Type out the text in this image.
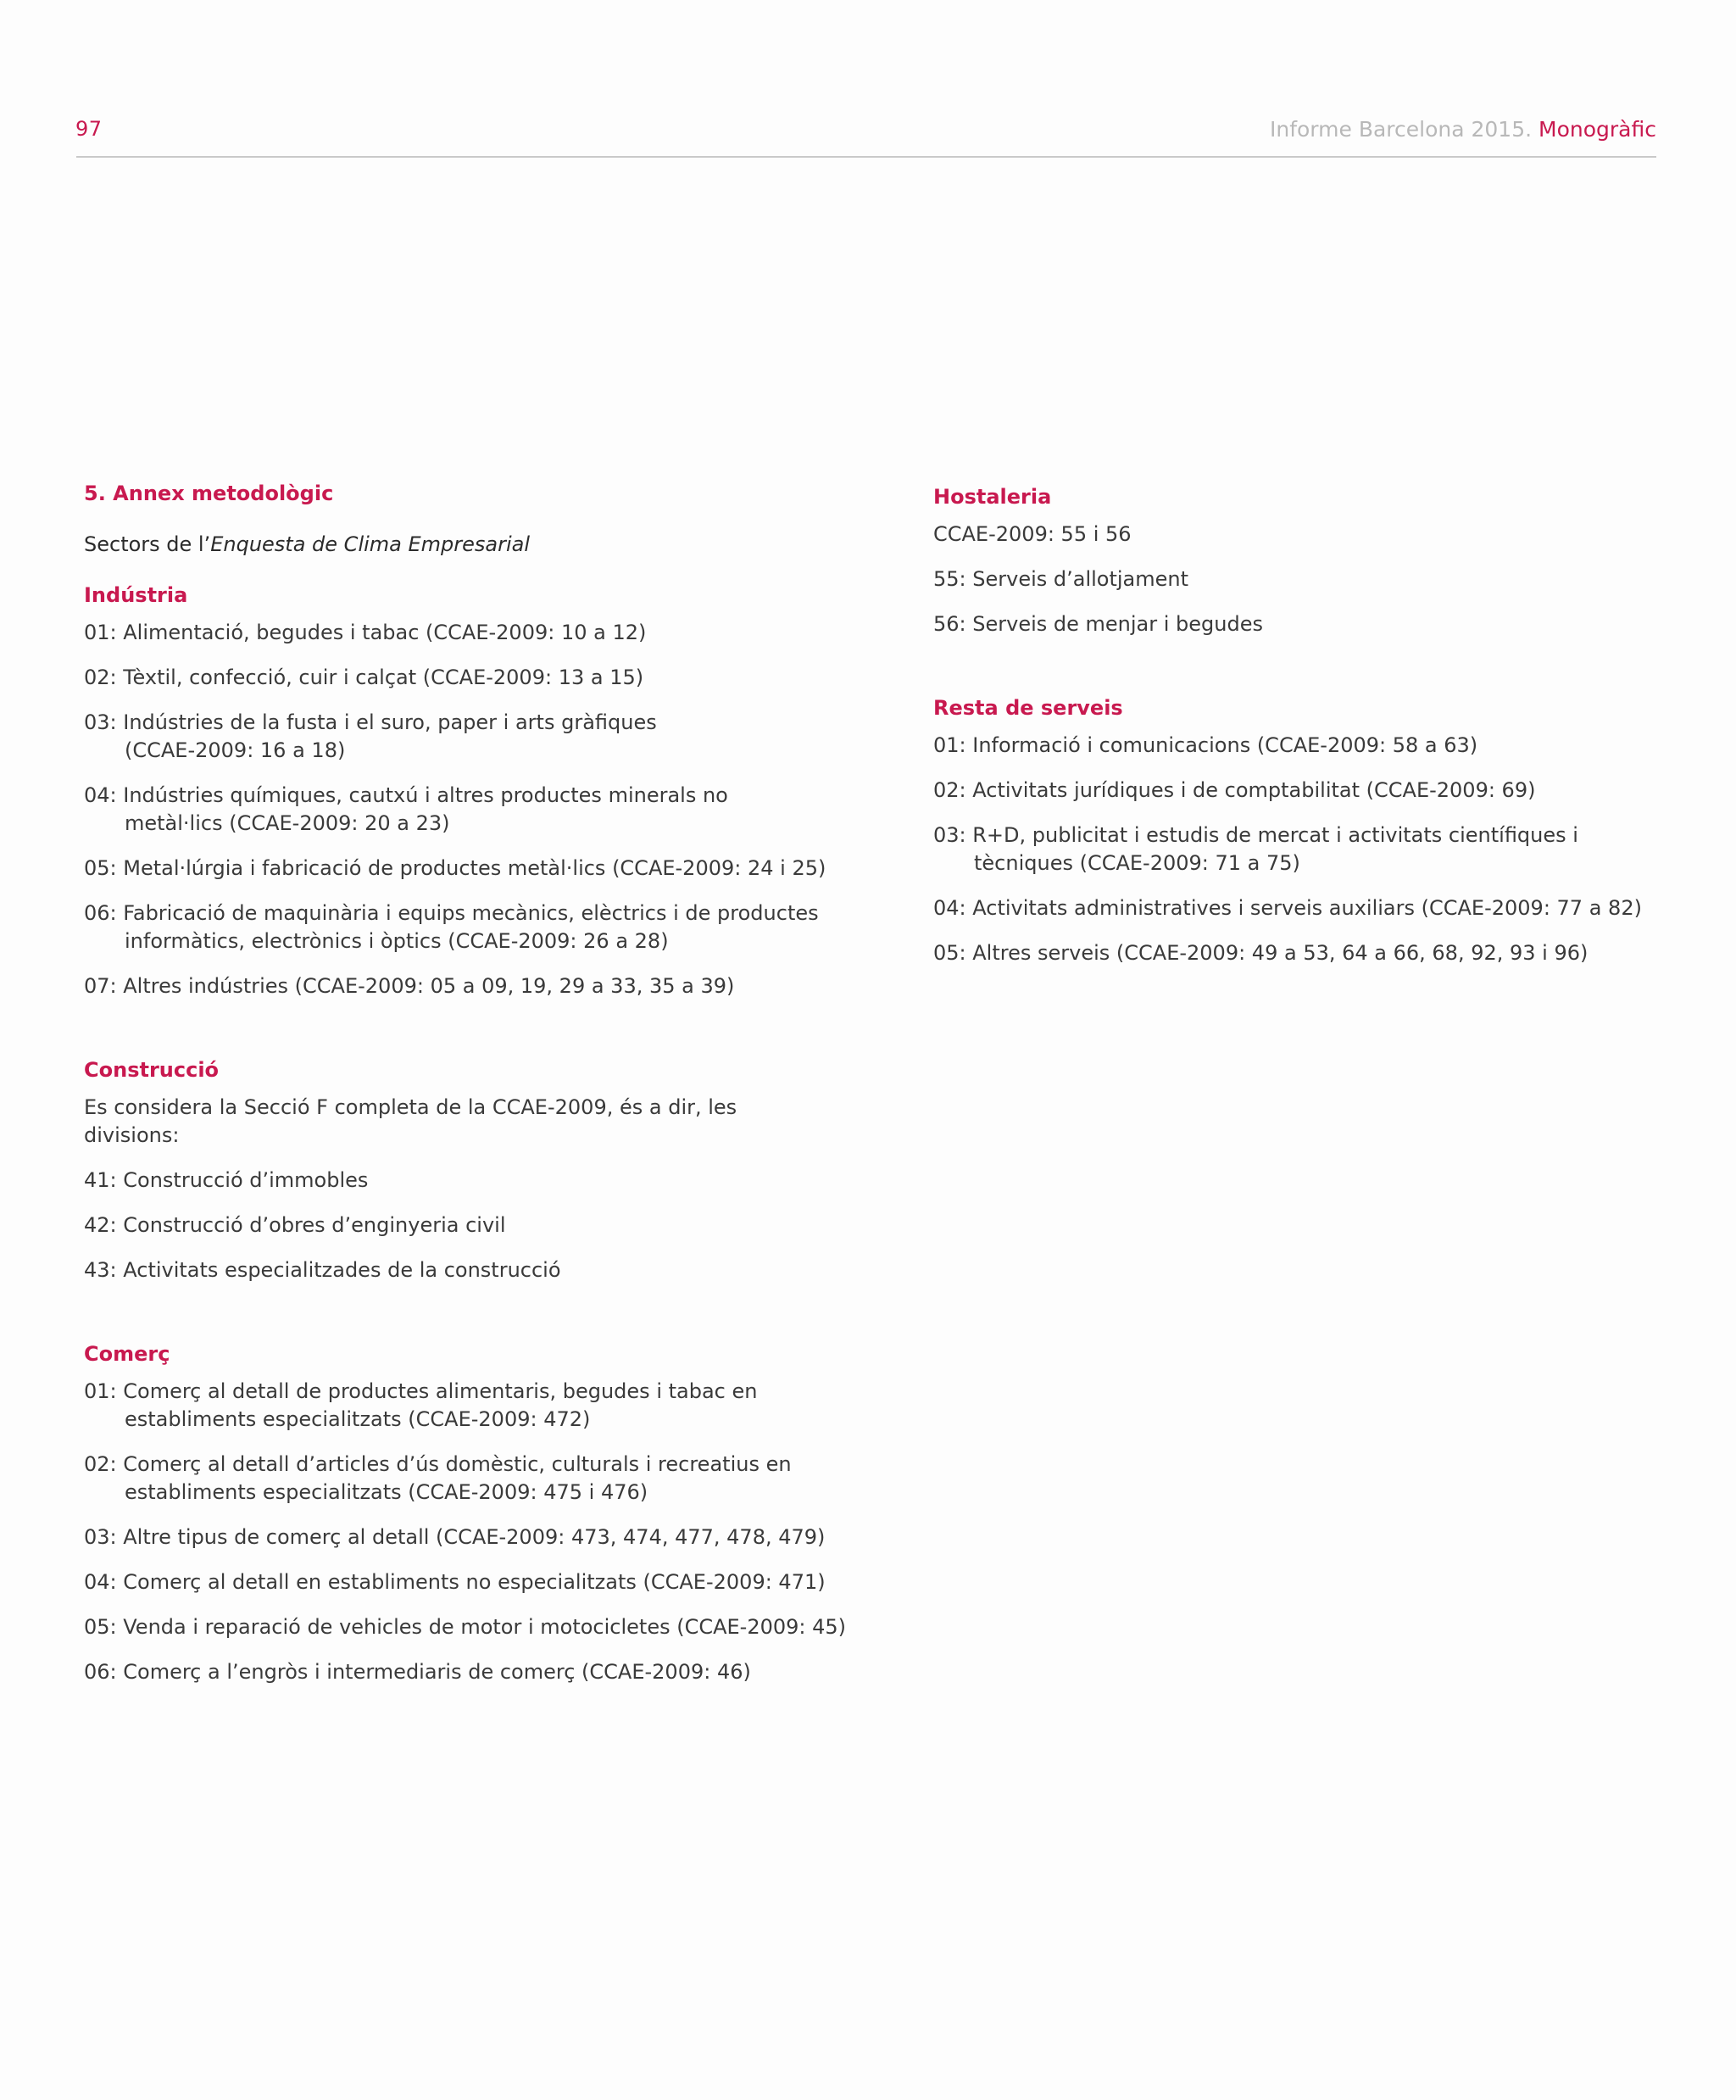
97	Informe Barcelona 2015. Monogràfic
5. Annex metodològic
Sectors de l’Enquesta de Clima Empresarial
Indústria
01: Alimentació, begudes i tabac (CCAE-2009: 10 a 12)
02: Tèxtil, confecció, cuir i calçat (CCAE-2009: 13 a 15)
03: Indústries de la fusta i el suro, paper i arts gràfiques (CCAE-2009: 16 a 18)
04: Indústries químiques, cautxú i altres productes minerals no metàl·lics (CCAE-2009: 20 a 23)
05: Metal·lúrgia i fabricació de productes metàl·lics (CCAE-2009: 24 i 25)
06: Fabricació de maquinària i equips mecànics, elèctrics i de productes informàtics, electrònics i òptics (CCAE-2009: 26 a 28)
07: Altres indústries (CCAE-2009: 05 a 09, 19, 29 a 33, 35 a 39)
Construcció
Es considera la Secció F completa de la CCAE-2009, és a dir, les divisions:
41: Construcció d’immobles
42: Construcció d’obres d’enginyeria civil
43: Activitats especialitzades de la construcció
Comerç
01: Comerç al detall de productes alimentaris, begudes i tabac en establiments especialitzats (CCAE-2009: 472)
02: Comerç al detall d’articles d’ús domèstic, culturals i recreatius en establiments especialitzats (CCAE-2009: 475 i 476)
03: Altre tipus de comerç al detall (CCAE-2009: 473, 474, 477, 478, 479)
04: Comerç al detall en establiments no especialitzats (CCAE-2009: 471)
05: Venda i reparació de vehicles de motor i motocicletes (CCAE-2009: 45)
06: Comerç a l’engròs i intermediaris de comerç (CCAE-2009: 46)
Hostaleria
CCAE-2009: 55 i 56
55: Serveis d’allotjament
56: Serveis de menjar i begudes
Resta de serveis
01: Informació i comunicacions (CCAE-2009: 58 a 63)
02: Activitats jurídiques i de comptabilitat (CCAE-2009: 69)
03: R+D, publicitat i estudis de mercat i activitats científiques i tècniques (CCAE-2009: 71 a 75)
04: Activitats administratives i serveis auxiliars (CCAE-2009: 77 a 82)
05: Altres serveis (CCAE-2009: 49 a 53, 64 a 66, 68, 92, 93 i 96)
